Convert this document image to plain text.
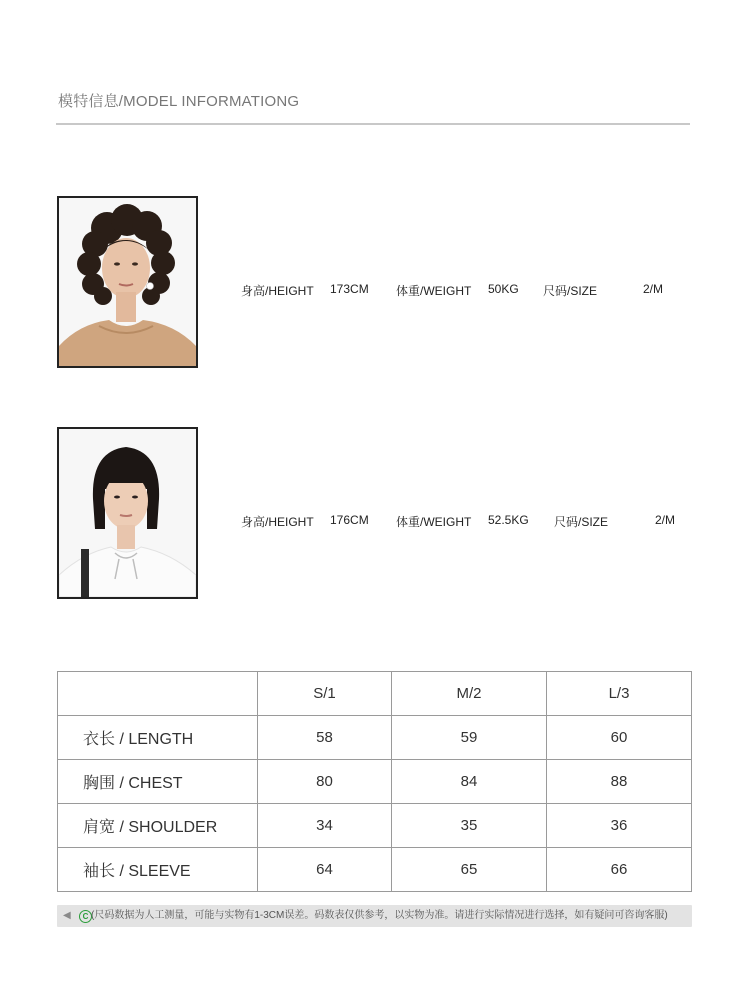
模特信息/MODEL INFORMATIONG
身高/HEIGHT 173CM 体重/WEIGHT 50KG 尺码/SIZE	2/M
身高/HEIGHT 176CM 体重/WEIGHT 52.5KG 尺码/SIZE	2/M
	S/1	M/2	L/3
衣长 / LENGTH	58	59	60
胸围 / CHEST	80	84	88
肩宽 / SHOULDER	34	35	36
袖长 / SLEEVE	64	65	66
◀	C (尺码数据为人工测量，可能与实物有1-3CM误差。码数表仅供参考，以实物为准。请进行实际情况进行选择，如有疑问可咨询客服)
